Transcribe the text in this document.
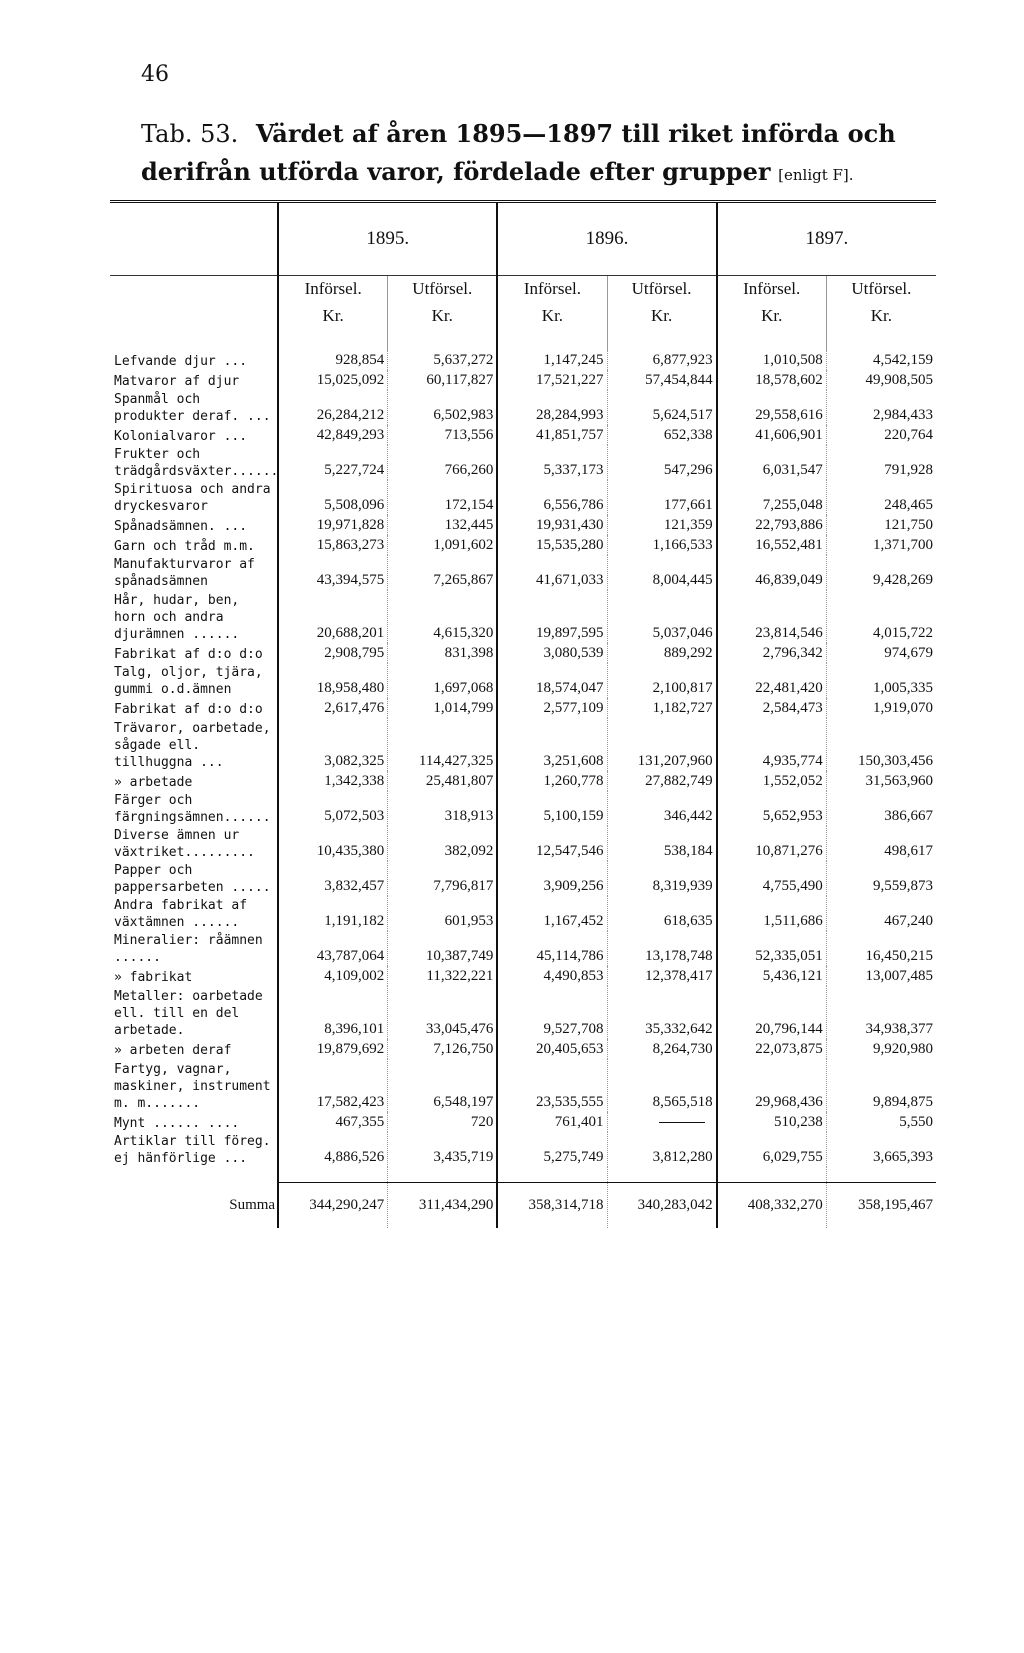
46
Tab. 53. Värdet af åren 1895—1897 till riket införda och derifrån utförda varor, fördelade efter grupper [enligt F].
	1895.		1896.		1897.	
	Införsel.	Utförsel.	Införsel.	Utförsel.	Införsel.	Utförsel.
	Kr.	Kr.	Kr.	Kr.	Kr.	Kr.
Lefvande djur ...	928,854	5,637,272	1,147,245	6,877,923	1,010,508	4,542,159
Matvaror af djur	15,025,092	60,117,827	17,521,227	57,454,844	18,578,602	49,908,505
Spanmål och produkter deraf. ...	26,284,212	6,502,983	28,284,993	5,624,517	29,558,616	2,984,433
Kolonialvaror ...	42,849,293	713,556	41,851,757	652,338	41,606,901	220,764
Frukter och trädgårdsväxter......	5,227,724	766,260	5,337,173	547,296	6,031,547	791,928
Spirituosa och andra dryckesvaror	5,508,096	172,154	6,556,786	177,661	7,255,048	248,465
Spånadsämnen. ...	19,971,828	132,445	19,931,430	121,359	22,793,886	121,750
Garn och tråd m.m.	15,863,273	1,091,602	15,535,280	1,166,533	16,552,481	1,371,700
Manufakturvaror af spånadsämnen	43,394,575	7,265,867	41,671,033	8,004,445	46,839,049	9,428,269
Hår, hudar, ben, horn och andra djurämnen ......	20,688,201	4,615,320	19,897,595	5,037,046	23,814,546	4,015,722
Fabrikat af d:o d:o	2,908,795	831,398	3,080,539	889,292	2,796,342	974,679
Talg, oljor, tjära, gummi o.d.ämnen	18,958,480	1,697,068	18,574,047	2,100,817	22,481,420	1,005,335
Fabrikat af d:o d:o	2,617,476	1,014,799	2,577,109	1,182,727	2,584,473	1,919,070
Trävaror, oarbetade, sågade ell. tillhuggna ...	3,082,325	114,427,325	3,251,608	131,207,960	4,935,774	150,303,456
» arbetade	1,342,338	25,481,807	1,260,778	27,882,749	1,552,052	31,563,960
Färger och färgningsämnen......	5,072,503	318,913	5,100,159	346,442	5,652,953	386,667
Diverse ämnen ur växtriket.........	10,435,380	382,092	12,547,546	538,184	10,871,276	498,617
Papper och pappersarbeten .....	3,832,457	7,796,817	3,909,256	8,319,939	4,755,490	9,559,873
Andra fabrikat af växtämnen ......	1,191,182	601,953	1,167,452	618,635	1,511,686	467,240
Mineralier: råämnen ......	43,787,064	10,387,749	45,114,786	13,178,748	52,335,051	16,450,215
» fabrikat	4,109,002	11,322,221	4,490,853	12,378,417	5,436,121	13,007,485
Metaller: oarbetade ell. till en del arbetade.	8,396,101	33,045,476	9,527,708	35,332,642	20,796,144	34,938,377
» arbeten deraf	19,879,692	7,126,750	20,405,653	8,264,730	22,073,875	9,920,980
Fartyg, vagnar, maskiner, instrument m. m.......	17,582,423	6,548,197	23,535,555	8,565,518	29,968,436	9,894,875
Mynt ...... ....	467,355	720	761,401		510,238	5,550
Artiklar till föreg. ej hänförlige ...	4,886,526	3,435,719	5,275,749	3,812,280	6,029,755	3,665,393

Summa	344,290,247	311,434,290	358,314,718	340,283,042	408,332,270	358,195,467
